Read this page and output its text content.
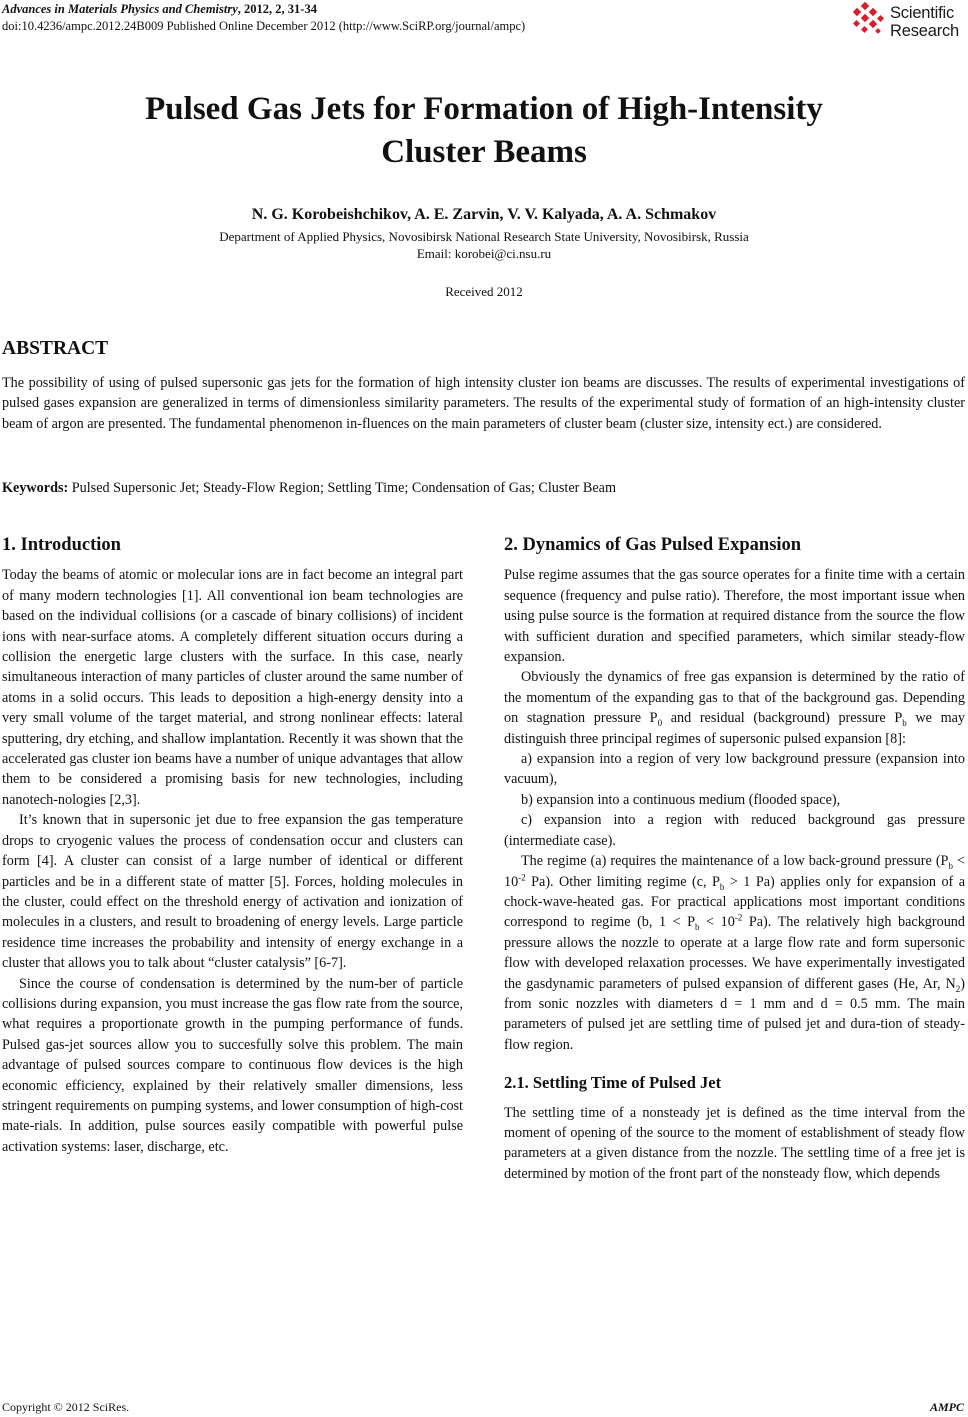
Advances in Materials Physics and Chemistry, 2012, 2, 31-34
doi:10.4236/ampc.2012.24B009 Published Online December 2012 (http://www.SciRP.org/journal/ampc)
Scientific
Research
Pulsed Gas Jets for Formation of High-Intensity
Cluster Beams
N. G. Korobeishchikov, A. E. Zarvin, V. V. Kalyada, A. A. Schmakov
Department of Applied Physics, Novosibirsk National Research State University, Novosibirsk, Russia
Email: korobei@ci.nsu.ru
Received 2012
ABSTRACT
The possibility of using of pulsed supersonic gas jets for the formation of high intensity cluster ion beams are discusses. The results of experimental investigations of pulsed gases expansion are generalized in terms of dimensionless similarity parameters. The results of the experimental study of formation of an high-intensity cluster beam of argon are presented. The fundamental phenomenon in-fluences on the main parameters of cluster beam (cluster size, intensity ect.) are considered.
Keywords: Pulsed Supersonic Jet; Steady-Flow Region; Settling Time; Condensation of Gas; Cluster Beam
1. Introduction

Today the beams of atomic or molecular ions are in fact become an integral part of many modern technologies [1]. All conventional ion beam technologies are based on the individual collisions (or a cascade of binary collisions) of incident ions with near-surface atoms. A completely different situation occurs during a collision the energetic large clusters with the surface. In this case, nearly simultaneous interaction of many particles of cluster around the same number of atoms in a solid occurs. This leads to deposition a high-energy density into a very small volume of the target material, and strong nonlinear effects: lateral sputtering, dry etching, and shallow implantation. Recently it was shown that the accelerated gas cluster ion beams have a number of unique advantages that allow them to be considered a promising basis for new technologies, including nanotech-nologies [2,3].

It’s known that in supersonic jet due to free expansion the gas temperature drops to cryogenic values the process of condensation occur and clusters can form [4]. A cluster can consist of a large number of identical or different particles and be in a different state of matter [5]. Forces, holding molecules in the cluster, could effect on the threshold energy of activation and ionization of molecules in a clusters, and result to broadening of energy levels. Large particle residence time increases the probability and intensity of energy exchange in a cluster that allows you to talk about “cluster catalysis” [6-7].

Since the course of condensation is determined by the num-ber of particle collisions during expansion, you must increase the gas flow rate from the source, what requires a proportionate growth in the pumping performance of funds. Pulsed gas-jet sources allow you to succesfully solve this problem. The main advantage of pulsed sources compare to continuous flow devices is the high economic efficiency, explained by their relatively smaller dimensions, less stringent requirements on pumping systems, and lower consumption of high-cost mate-rials. In addition, pulse sources easily compatible with powerful pulse activation systems: laser, discharge, etc.

2. Dynamics of Gas Pulsed Expansion

Pulse regime assumes that the gas source operates for a finite time with a certain sequence (frequency and pulse ratio). Therefore, the most important issue when using pulse source is the formation at required distance from the source the flow with sufficient duration and specified parameters, which similar steady-flow expansion.

Obviously the dynamics of free gas expansion is determined by the ratio of the momentum of the expanding gas to that of the background gas. Depending on stagnation pressure $P_0$ and residual (background) pressure $P_b$ we may distinguish three principal regimes of supersonic pulsed expansion [8]:

a) expansion into a region of very low background pressure (expansion into vacuum),

b) expansion into a continuous medium (flooded space),

c) expansion into a region with reduced background gas pressure (intermediate case).

The regime (a) requires the maintenance of a low back-ground pressure ($P_b < 10^{-2}$ Pa). Other limiting regime (c, $P_b > 1$ Pa) applies only for expansion of a chock-wave-heated gas. For practical applications most important conditions correspond to regime (b, $1 < P_b < 10^{-2}$ Pa). The relatively high background pressure allows the nozzle to operate at a large flow rate and form supersonic flow with developed relaxation processes. We have experimentally investigated the gasdynamic parameters of pulsed expansion of different gases (He, Ar, $N_2$) from sonic nozzles with diameters d = 1 mm and d = 0.5 mm. The main parameters of pulsed jet are settling time of pulsed jet and dura-tion of steady-flow region.

2.1. Settling Time of Pulsed Jet

The settling time of a nonsteady jet is defined as the time interval from the moment of opening of the source to the moment of establishment of steady flow parameters at a given distance from the nozzle. The settling time of a free jet is determined by motion of the front part of the nonsteady flow, which depends

Copyright © 2012 SciRes.	AMPC
